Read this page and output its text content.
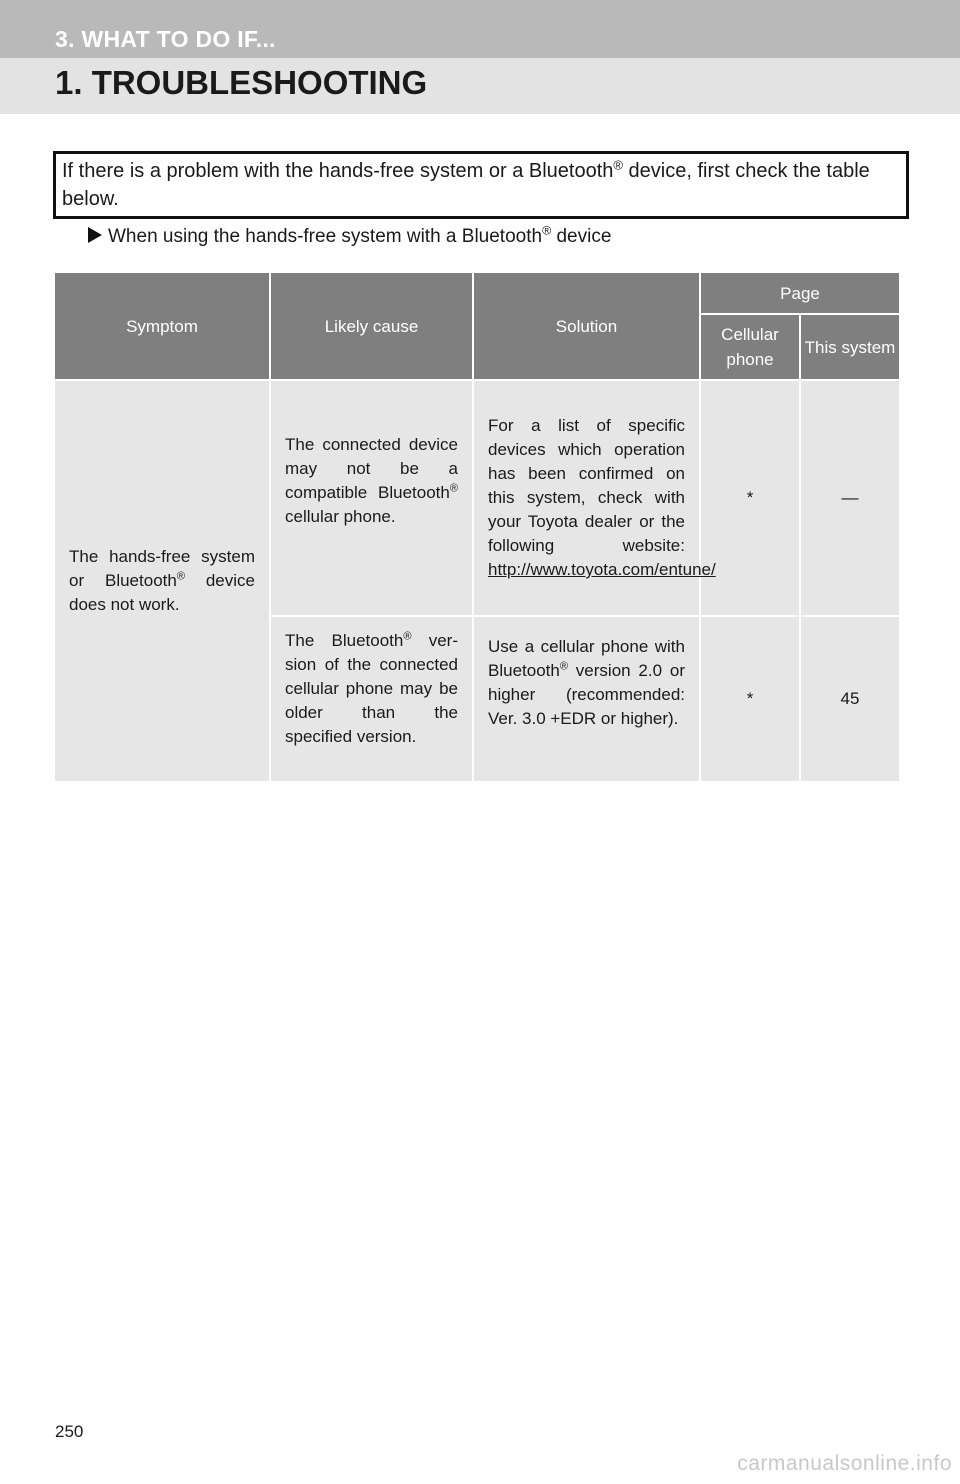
3. WHAT TO DO IF...
1. TROUBLESHOOTING
If there is a problem with the hands-free system or a Bluetooth® device, first check the table below.
When using the hands-free system with a Bluetooth® device
Symptom	Likely cause	Solution	Page	
			Cellular phone	This system
The hands-free system or Bluetooth® device does not work.	The connected device may not be a compatible Bluetooth® cellular phone.	For a list of specific devices which operation has been confirmed on this system, check with your Toyota dealer or the following website: http://www.toyota.com/entune/	*	—
	The Bluetooth® version of the connected cellular phone may be older than the specified version.	Use a cellular phone with Bluetooth® version 2.0 or higher (recommended: Ver. 3.0 +EDR or higher).	*	45
250
carmanualsonline.info
